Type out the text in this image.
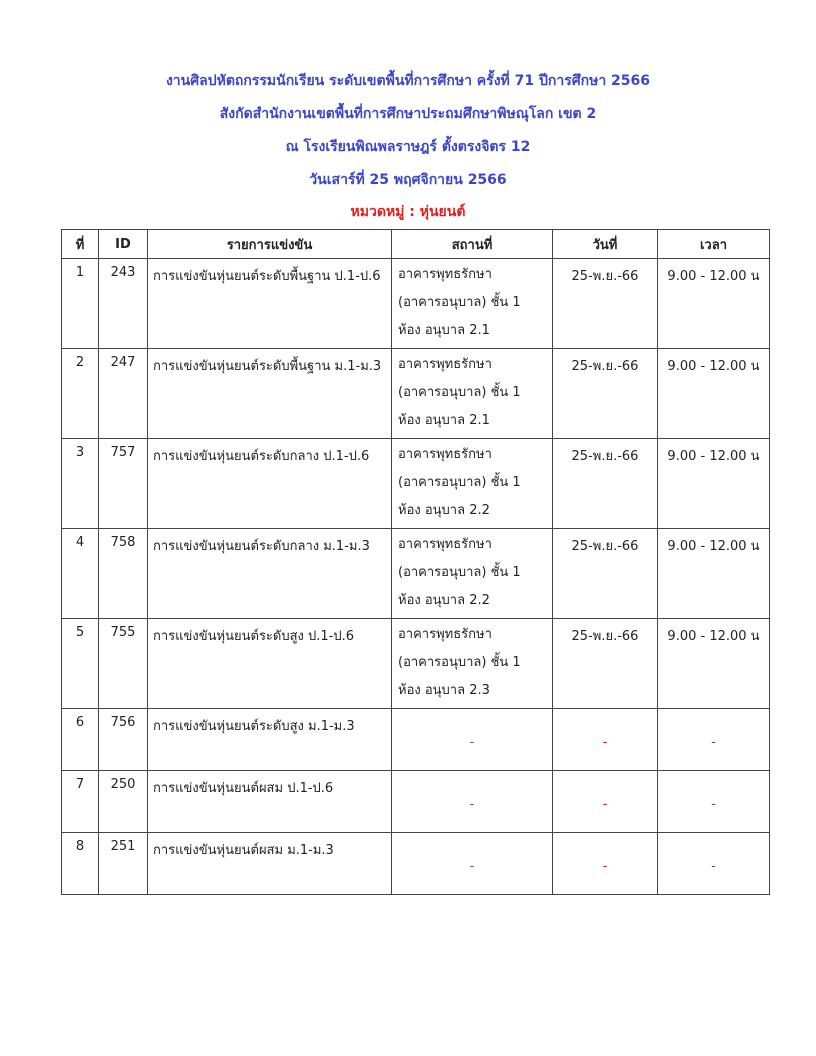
งานศิลปหัตถกรรมนักเรียน ระดับเขตพื้นที่การศึกษา ครั้งที่ 71 ปีการศึกษา 2566
สังกัดสำนักงานเขตพื้นที่การศึกษาประถมศึกษาพิษณุโลก เขต 2
ณ โรงเรียนพิณพลราษฎร์ ตั้งตรงจิตร 12
วันเสาร์ที่ 25 พฤศจิกายน 2566
หมวดหมู่ : หุ่นยนต์
ที่	ID	รายการแข่งขัน	สถานที่	วันที่	เวลา
1	243	การแข่งขันหุ่นยนต์ระดับพื้นฐาน ป.1-ป.6	อาคารพุทธรักษา
(อาคารอนุบาล) ชั้น 1
ห้อง อนุบาล 2.1	25-พ.ย.-66	9.00 - 12.00 น
2	247	การแข่งขันหุ่นยนต์ระดับพื้นฐาน ม.1-ม.3	อาคารพุทธรักษา
(อาคารอนุบาล) ชั้น 1
ห้อง อนุบาล 2.1	25-พ.ย.-66	9.00 - 12.00 น
3	757	การแข่งขันหุ่นยนต์ระดับกลาง ป.1-ป.6	อาคารพุทธรักษา
(อาคารอนุบาล) ชั้น 1
ห้อง อนุบาล 2.2	25-พ.ย.-66	9.00 - 12.00 น
4	758	การแข่งขันหุ่นยนต์ระดับกลาง ม.1-ม.3	อาคารพุทธรักษา
(อาคารอนุบาล) ชั้น 1
ห้อง อนุบาล 2.2	25-พ.ย.-66	9.00 - 12.00 น
5	755	การแข่งขันหุ่นยนต์ระดับสูง ป.1-ป.6	อาคารพุทธรักษา
(อาคารอนุบาล) ชั้น 1
ห้อง อนุบาล 2.3	25-พ.ย.-66	9.00 - 12.00 น
6	756	การแข่งขันหุ่นยนต์ระดับสูง ม.1-ม.3	-	-	-
7	250	การแข่งขันหุ่นยนต์ผสม ป.1-ป.6	-	-	-
8	251	การแข่งขันหุ่นยนต์ผสม ม.1-ม.3	-	-	-
